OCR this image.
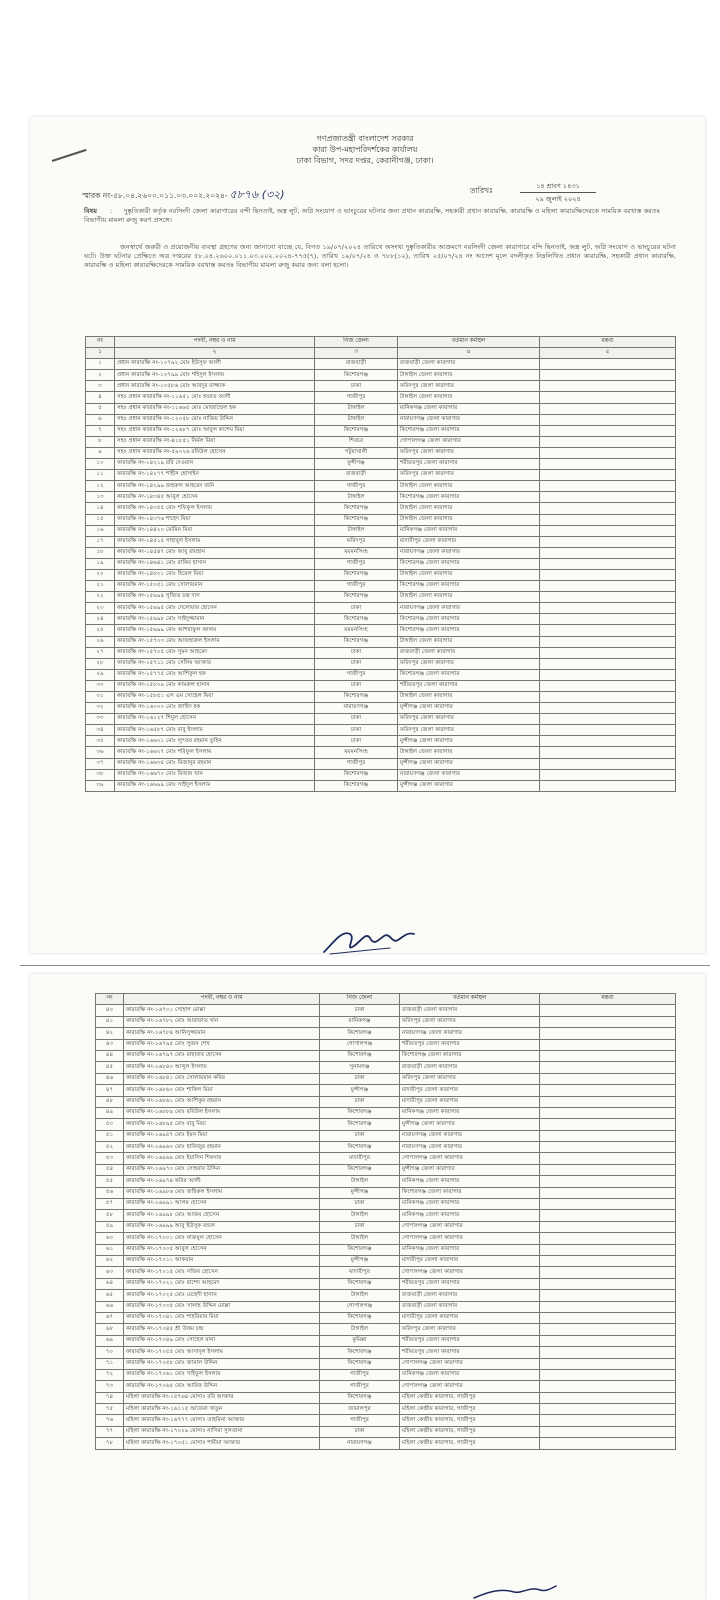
গণপ্রজাতন্ত্রী বাংলাদেশ সরকার
কারা উপ-মহাপরিদর্শকের কার্যালয়
ঢাকা বিভাগ, সদর দপ্তর, কেরানীগঞ্জ, ঢাকা।
স্মারক নং-৫৮.০৪.২৬০০.০১১.০৩.০০২.২০২৪- ৫৮৭৬ (৩২)	তারিখঃ	১৪ শ্রাবণ ১৪৩১
২৯ জুলাই ২০২৪
বিষয় : দুষ্কৃতিকারী কর্তৃক নরসিংদী জেলা কারাগারের বন্দী ছিনতাই, অস্ত্র লুট, অগ্নি সংযোগ ও ভাংচুরের ঘটনার জন্য প্রধান কারারক্ষি, সহকারী প্রধান কারারক্ষি, কারারক্ষি ও মহিলা কারারক্ষিদেরকে সাময়িক বরখাস্ত করতঃ বিভাগীয় মামলা রুজু করণ প্রসঙ্গে।
জনস্বার্থে জরুরী ও প্রয়োজনীয় ব্যবস্থা গ্রহণের জন্য জানানো যাচ্ছে যে, বিগত ১৯/০৭/২০২৪ তারিখে অসংখ্য দুষ্কৃতিকারীর আক্রমণে নরসিংদী জেলা কারাগারে বন্দি ছিনতাই, অস্ত্র লুট, অগ্নি সংযোগ ও ভাংচুরের ঘটনা ঘটে। উক্ত ঘটনার প্রেক্ষিতে অত্র দপ্তরের ৫৮.০৪.২৬০০.০১১.০৩.০০২.২০২৪-৭৭৫(৭), তারিখ ১৯/০৭/২৪ ও ৭৮৮(১২), তারিখ ২৫/০৭/২৪ নং আদেশ মূলে বদলীকৃত নিম্নলিখিত প্রধান কারারক্ষি, সহকারী প্রধান কারারক্ষি, কারারক্ষি ও মহিলা কারারক্ষিদেরকে সাময়িক বরখাস্ত করতঃ বিভাগীয় মামলা রুজু করার জন্য বলা হলো।
নং	পদবী, নম্বর ও নাম	নিজ জেলা	বর্তমান কর্মস্থল	মন্তব্য
১	২	৩	৪	৫
১	প্রধান কারারক্ষি নং-১০৭৯২ মোঃ ইউসুফ আলী	রাজবাড়ী	রাজবাড়ী জেলা কারাগার	
২	প্রধান কারারক্ষি নং-১০৭৯৯ মোঃ শহিদুল ইসলাম	কিশোরগঞ্জ	টাঙ্গাইল জেলা কারাগার	
৩	প্রধান কারারক্ষি নং-১০৫৮৬ মোঃ আবদুর রাজ্জাক	ঢাকা	ফরিদপুর জেলা কারাগার	
৪	সহঃ প্রধান কারারক্ষি নং-১১৬৫১ মোঃ হযরত আলী	গাজীপুর	টাঙ্গাইল জেলা কারাগার	
৫	সহঃ প্রধান কারারক্ষি নং-১১৬৬৫ মোঃ মোজাম্মেল হক	টাঙ্গাইল	মানিকগঞ্জ জেলা কারাগার	
৬	সহঃ প্রধান কারারক্ষি নং-১২০৫৮ মোঃ নাজিম উদ্দিন	টাঙ্গাইল	নারায়ণগঞ্জ জেলা কারাগার	
৭	সহঃ প্রধান কারারক্ষি নং-১২৬৮৭ মোঃ আবুল কাশেম মিয়া	কিশোরগঞ্জ	কিশোরগঞ্জ জেলা কারাগার	
৮	সহঃ প্রধান কারারক্ষি নং-৪১৮৫১ নির্মল মিয়া	শিবচর	গোপালগঞ্জ জেলা কারাগার	
৯	সহঃ প্রধান কারারক্ষি নং-৫৯০২৬ রবিউল হোসেন	পটুয়াখালী	ফরিদপুর জেলা কারাগার	
১০	কারারক্ষি নং-১৪২১৯ রবি দেওয়ান	মুন্সীগঞ্জ	শরীয়তপুর জেলা কারাগার	
১১	কারারক্ষি নং-১৪২৭৭ শাহীন হোসাইন	রাজবাড়ী	ফরিদপুর জেলা কারাগার	
১২	কারারক্ষি নং-১৪২৯৯ জহুরুল আহমেদ জনি	গাজীপুর	টাঙ্গাইল জেলা কারাগার	
১৩	কারারক্ষি নং-১৪৩৪৫ আবুল হোসেন	টাঙ্গাইল	কিশোরগঞ্জ জেলা কারাগার	
১৪	কারারক্ষি নং-১৪৩৫৫ মোঃ শফিকুল ইসলাম	কিশোরগঞ্জ	টাঙ্গাইল জেলা কারাগার	
১৫	কারারক্ষি নং-১৪৩৭৬ শাহেদ মিয়া	কিশোরগঞ্জ	টাঙ্গাইল জেলা কারাগার	
১৬	কারারক্ষি নং-১৪৪২০ মোমিন মিয়া	টাঙ্গাইল	মানিকগঞ্জ জেলা কারাগার	
১৭	কারারক্ষি নং-১৪৫১৫ সাহাবুল ইসলাম	ফরিদপুর	মাদারীপুর জেলা কারাগার	
১৮	কারারক্ষি নং-১৪৫৪৭ মোঃ আবু রায়হান	ময়মনসিংহ	নারায়ণগঞ্জ জেলা কারাগার	
১৯	কারারক্ষি নং-১৪৬৪১ মোঃ রাকিব হাসান	গাজীপুর	কিশোরগঞ্জ জেলা কারাগার	
২০	কারারক্ষি নং-১৪৮০১ মোঃ হিমেল মিয়া	কিশোরগঞ্জ	টাঙ্গাইল জেলা কারাগার	
২১	কারারক্ষি নং-১৫০৫১ মোঃ সোলায়মান	গাজীপুর	কিশোরগঞ্জ জেলা কারাগার	
২২	কারারক্ষি নং-১৫৬৯৪ সুজিত চন্দ্র দাস	কিশোরগঞ্জ	টাঙ্গাইল জেলা কারাগার	
২৩	কারারক্ষি নং-১৫৬৯৫ মোঃ দেলোয়ার হোসেন	ঢাকা	নারায়ণগঞ্জ জেলা কারাগার	
২৪	কারারক্ষি নং-১৫৬৯৮ মোঃ সাইদুজ্জামান	কিশোরগঞ্জ	কিশোরগঞ্জ জেলা কারাগার	
২৫	কারারক্ষি নং-১৫৬৯৯ মোঃ আশরাফুল আলম	ময়মনসিংহ	কিশোরগঞ্জ জেলা কারাগার	
২৬	কারারক্ষি নং-১৫৭০৩ মোঃ আজহারুল ইসলাম	কিশোরগঞ্জ	টাঙ্গাইল জেলা কারাগার	
২৭	কারারক্ষি নং-১৫৭০৫ মোঃ সুমন আহমেদ	ঢাকা	রাজবাড়ী জেলা কারাগার	
২৮	কারারক্ষি নং-১৫৭১১ মোঃ সেলিম আক্তার	ঢাকা	ফরিদপুর জেলা কারাগার	
২৯	কারারক্ষি নং-১৫৭৭৫ মোঃ আশিকুল হক	গাজীপুর	কিশোরগঞ্জ জেলা কারাগার	
৩০	কারারক্ষি নং-১৫৮০৯ মোঃ কামরুল হাসান	ঢাকা	শরীয়তপুর জেলা কারাগার	
৩১	কারারক্ষি নং-১৫৮৫১ এস এম সোহেল মিয়া	কিশোরগঞ্জ	টাঙ্গাইল জেলা কারাগার	
৩২	কারারক্ষি নং-১৬০০০ মোঃ জাহিদ হক	নারায়ণগঞ্জ	মুন্সীগঞ্জ জেলা কারাগার	
৩৩	কারারক্ষি নং-১৬১২৭ শিমুল হোসেন	ঢাকা	ফরিদপুর জেলা কারাগার	
৩৪	কারারক্ষি নং-১৬৫৮৭ মোঃ বাবু ইসলাম	ঢাকা	ফরিদপুর জেলা কারাগার	
৩৫	কারারক্ষি নং-১৬৬০১ মোঃ লুৎফর রহমান তুহিন	ঢাকা	মুন্সীগঞ্জ জেলা কারাগার	
৩৬	কারারক্ষি নং-১৬৬২৭ মোঃ শরিফুল ইসলাম	ময়মনসিংহ	টাঙ্গাইল জেলা কারাগার	
৩৭	কারারক্ষি নং-১৬৬৩৫ মোঃ মিজানুর রহমান	গাজীপুর	মুন্সীগঞ্জ জেলা কারাগার	
৩৮	কারারক্ষি নং-১৬৬৭০ মোঃ মিজান খান	কিশোরগঞ্জ	নারায়ণগঞ্জ জেলা কারাগার	
৩৯	কারারক্ষি নং-১৬৬৯৯ মোঃ সাইদুল ইসলাম	কিশোরগঞ্জ	মুন্সীগঞ্জ জেলা কারাগার	
নং	পদবী, নম্বর ও নাম	নিজ জেলা	বর্তমান কর্মস্থল	মন্তব্য
৪০	কারারক্ষি নং-১৬৭০১ সোহাগ মোল্লা	ঢাকা	রাজবাড়ী জেলা কারাগার	
৪১	কারারক্ষি নং-১৬৭৮২ মোঃ আরাফাত খান	মানিকগঞ্জ	ফরিদপুর জেলা কারাগার	
৪২	কারারক্ষি নং-১৬৭৮৪ আনিসুজ্জামান	কিশোরগঞ্জ	নারায়ণগঞ্জ জেলা কারাগার	
৪৩	কারারক্ষি নং-১৬৭৯৫ মোঃ সুজন শেখ	গোপালগঞ্জ	শরীয়তপুর জেলা কারাগার	
৪৪	কারারক্ষি নং-১৬৭৯৭ মোঃ মাহাবাব হোসেন	কিশোরগঞ্জ	কিশোরগঞ্জ জেলা কারাগার	
৪৫	কারারক্ষি নং-১৬৮৪০ আব্দুল ইসলাম	সুনামগঞ্জ	রাজবাড়ী জেলা কারাগার	
৪৬	কারারক্ষি নং-১৬৮৪১ মোঃ সোলায়মান কবির	ঢাকা	ফরিদপুর জেলা কারাগার	
৪৭	কারারক্ষি নং-১৬৮৬০ মোঃ শাকিল মিয়া	মুন্সীগঞ্জ	মাদারীপুর জেলা কারাগার	
৪৮	কারারক্ষি নং-১৬৮৬১ মোঃ আশিকুর রহমান	ঢাকা	মাদারীপুর জেলা কারাগার	
৪৯	কারারক্ষি নং-১৬৮৮৯ মোঃ রবিউল ইসলাম	কিশোরগঞ্জ	মানিকগঞ্জ জেলা কারাগার	
৫০	কারারক্ষি নং-১৬৮৯৫ মোঃ বাবু মিয়া	কিশোরগঞ্জ	মুন্সীগঞ্জ জেলা কারাগার	
৫১	কারারক্ষি নং-১৬৯৫৭ মোঃ ইমন মিয়া	ঢাকা	নারায়ণগঞ্জ জেলা কারাগার	
৫২	কারারক্ষি নং-১৬৯৬০ মোঃ হাফিজুর রহমান	কিশোরগঞ্জ	নারায়ণগঞ্জ জেলা কারাগার	
৫৩	কারারক্ষি নং-১৬৯৬৯ মোঃ ইয়াসিন শিকদার	মাদারীপুর	গোপালগঞ্জ জেলা কারাগার	
৫৪	কারারক্ষি নং-১৬৯৭০ মোঃ সোহরাব উদ্দিন	কিশোরগঞ্জ	মুন্সীগঞ্জ জেলা কারাগার	
৫৫	কারারক্ষি নং-১৬৯৭৪ কবির আলী	টাঙ্গাইল	মানিকগঞ্জ জেলা কারাগার	
৫৬	কারারক্ষি নং-১৬৯৮৬ মোঃ জহিরুল ইসলাম	মুন্সীগঞ্জ	কিশোরগঞ্জ জেলা কারাগার	
৫৭	কারারক্ষি নং-১৬৯৯১ আলম হোসেন	ঢাকা	মানিকগঞ্জ জেলা কারাগার	
৫৮	কারারক্ষি নং-১৬৯৯৮ মোঃ আজম হোসেন	টাঙ্গাইল	মানিকগঞ্জ জেলা কারাগার	
৫৯	কারারক্ষি নং-১৬৯৯৯ আবু ইউসুফ মন্ডল	ঢাকা	গোপালগঞ্জ জেলা কারাগার	
৬০	কারারক্ষি নং-১৭০০১ মোঃ নাজমুল হোসেন	টাঙ্গাইল	গোপালগঞ্জ জেলা কারাগার	
৬১	কারারক্ষি নং-১৭০০৫ আবুল হোসেন	কিশোরগঞ্জ	মানিকগঞ্জ জেলা কারাগার	
৬২	কারারক্ষি নং-১৭০১১ আকরাম	মুন্সীগঞ্জ	মাদারীপুর জেলা কারাগার	
৬৩	কারারক্ষি নং-১৭০১৫ মোঃ সজিব হোসেন	মাদারীপুর	গোপালগঞ্জ জেলা কারাগার	
৬৪	কারারক্ষি নং-১৭০২১ মোঃ রাশেদ আহমেদ	কিশোরগঞ্জ	শরীয়তপুর জেলা কারাগার	
৬৫	কারারক্ষি নং-১৭০২৫ মোঃ মেহেদী হাসান	টাঙ্গাইল	রাজবাড়ী জেলা কারাগার	
৬৬	কারারক্ষি নং-১৭০৩৫ মোঃ সালাহ উদ্দিন মোল্লা	গোপালগঞ্জ	রাজবাড়ী জেলা কারাগার	
৬৭	কারারক্ষি নং-১৭০৪১ মোঃ শাহরিয়ার মিয়া	কিশোরগঞ্জ	মাদারীপুর জেলা কারাগার	
৬৮	কারারক্ষি নং-১৭০৪৫ শ্রী উত্তম চন্দ্র	টাঙ্গাইল	ফরিদপুর জেলা কারাগার	
৬৯	কারারক্ষি নং-১৭০৪৯ মোঃ সোহেল রানা	কুমিল্লা	শরীয়তপুর জেলা কারাগার	
৭০	কারারক্ষি নং-১৭০৫৫ মোঃ আসাদুল ইসলাম	কিশোরগঞ্জ	শরীয়তপুর জেলা কারাগার	
৭১	কারারক্ষি নং-১৭০৫৮ মোঃ জামাল উদ্দিন	কিশোরগঞ্জ	গোপালগঞ্জ জেলা কারাগার	
৭২	কারারক্ষি নং-১৭০৬১ মোঃ সাইফুল ইসলাম	গাজীপুর	মানিকগঞ্জ জেলা কারাগার	
৭৩	কারারক্ষি নং-১৭০৬৫ মোঃ আরিফ উদ্দিন	গাজীপুর	গোপালগঞ্জ জেলা কারাগার	
৭৪	মহিলা কারারক্ষি নং-১৫৭৬৪ মোসাঃ রবি আক্তার	কিশোরগঞ্জ	মহিলা কেন্দ্রীয় কারাগার, গাজীপুর	
৭৫	মহিলা কারারক্ষি নং-১৬১১৫ আফেরা খাতুন	জামালপুর	মহিলা কেন্দ্রীয় কারাগার, গাজীপুর	
৭৬	মহিলা কারারক্ষি নং-১৬৭৭৭ মোসাঃ তাহমিনা আক্তার	গাজীপুর	মহিলা কেন্দ্রীয় কারাগার, গাজীপুর	
৭৭	মহিলা কারারক্ষি নং-১৭০২৯ মোসাঃ নাসিমা সুলতানা	ঢাকা	মহিলা কেন্দ্রীয় কারাগার, গাজীপুর	
৭৮	মহিলা কারারক্ষি নং-১৭০৫১ মোসাঃ শামীমা আক্তার	নারায়ণগঞ্জ	মহিলা কেন্দ্রীয় কারাগার, গাজীপুর	
